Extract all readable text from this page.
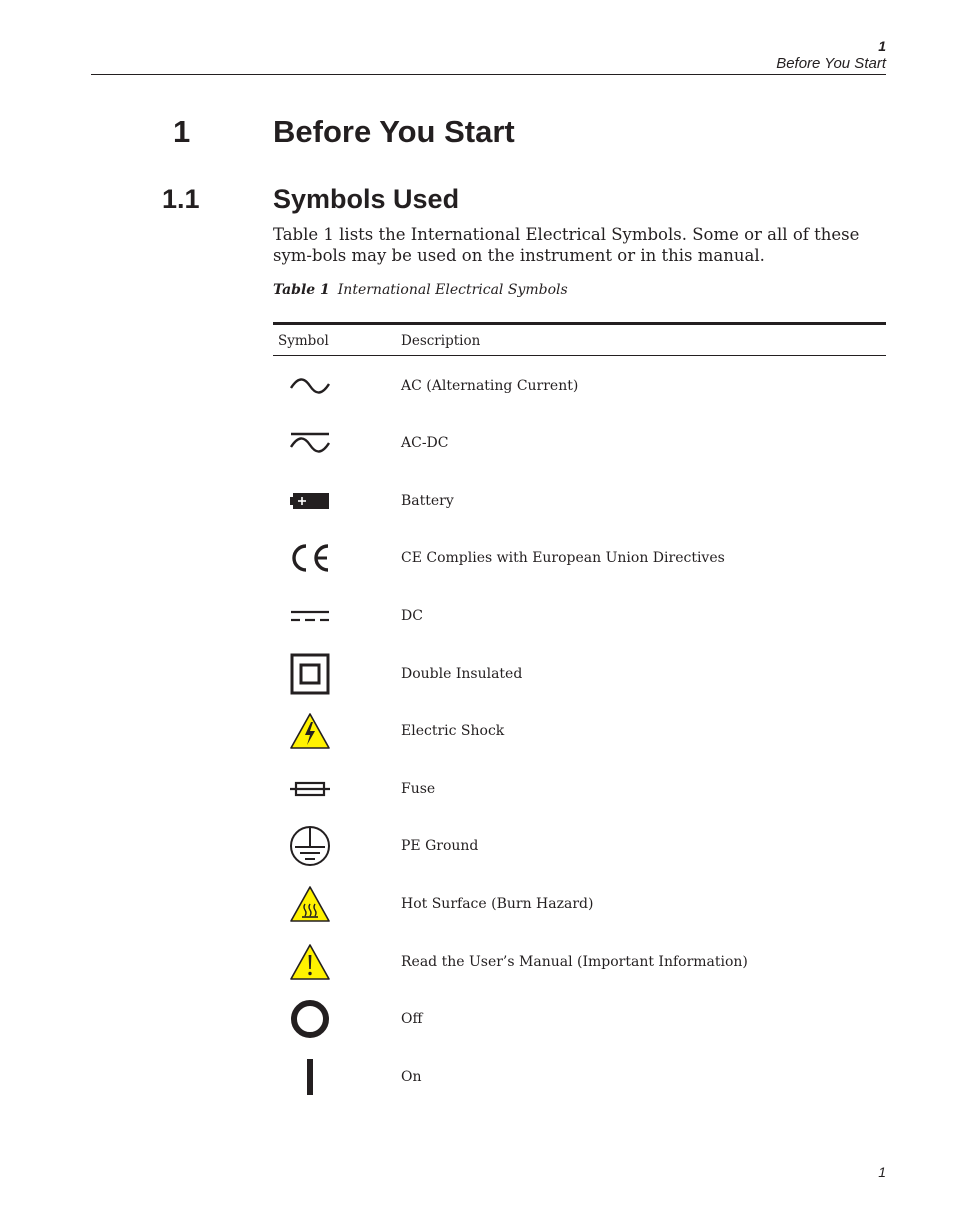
1
Before You Start
1	Before You Start
1.1	Symbols Used
Table 1 lists the International Electrical Symbols. Some or all of these sym-bols may be used on the instrument or in this manual.
Table 1 International Electrical Symbols
Symbol	Description
AC (Alternating Current)
AC-DC
Battery
CE Complies with European Union Directives
DC
Double Insulated
Electric Shock
Fuse
PE Ground
Hot Surface (Burn Hazard)
Read the User’s Manual (Important Information)
Off
On
1
